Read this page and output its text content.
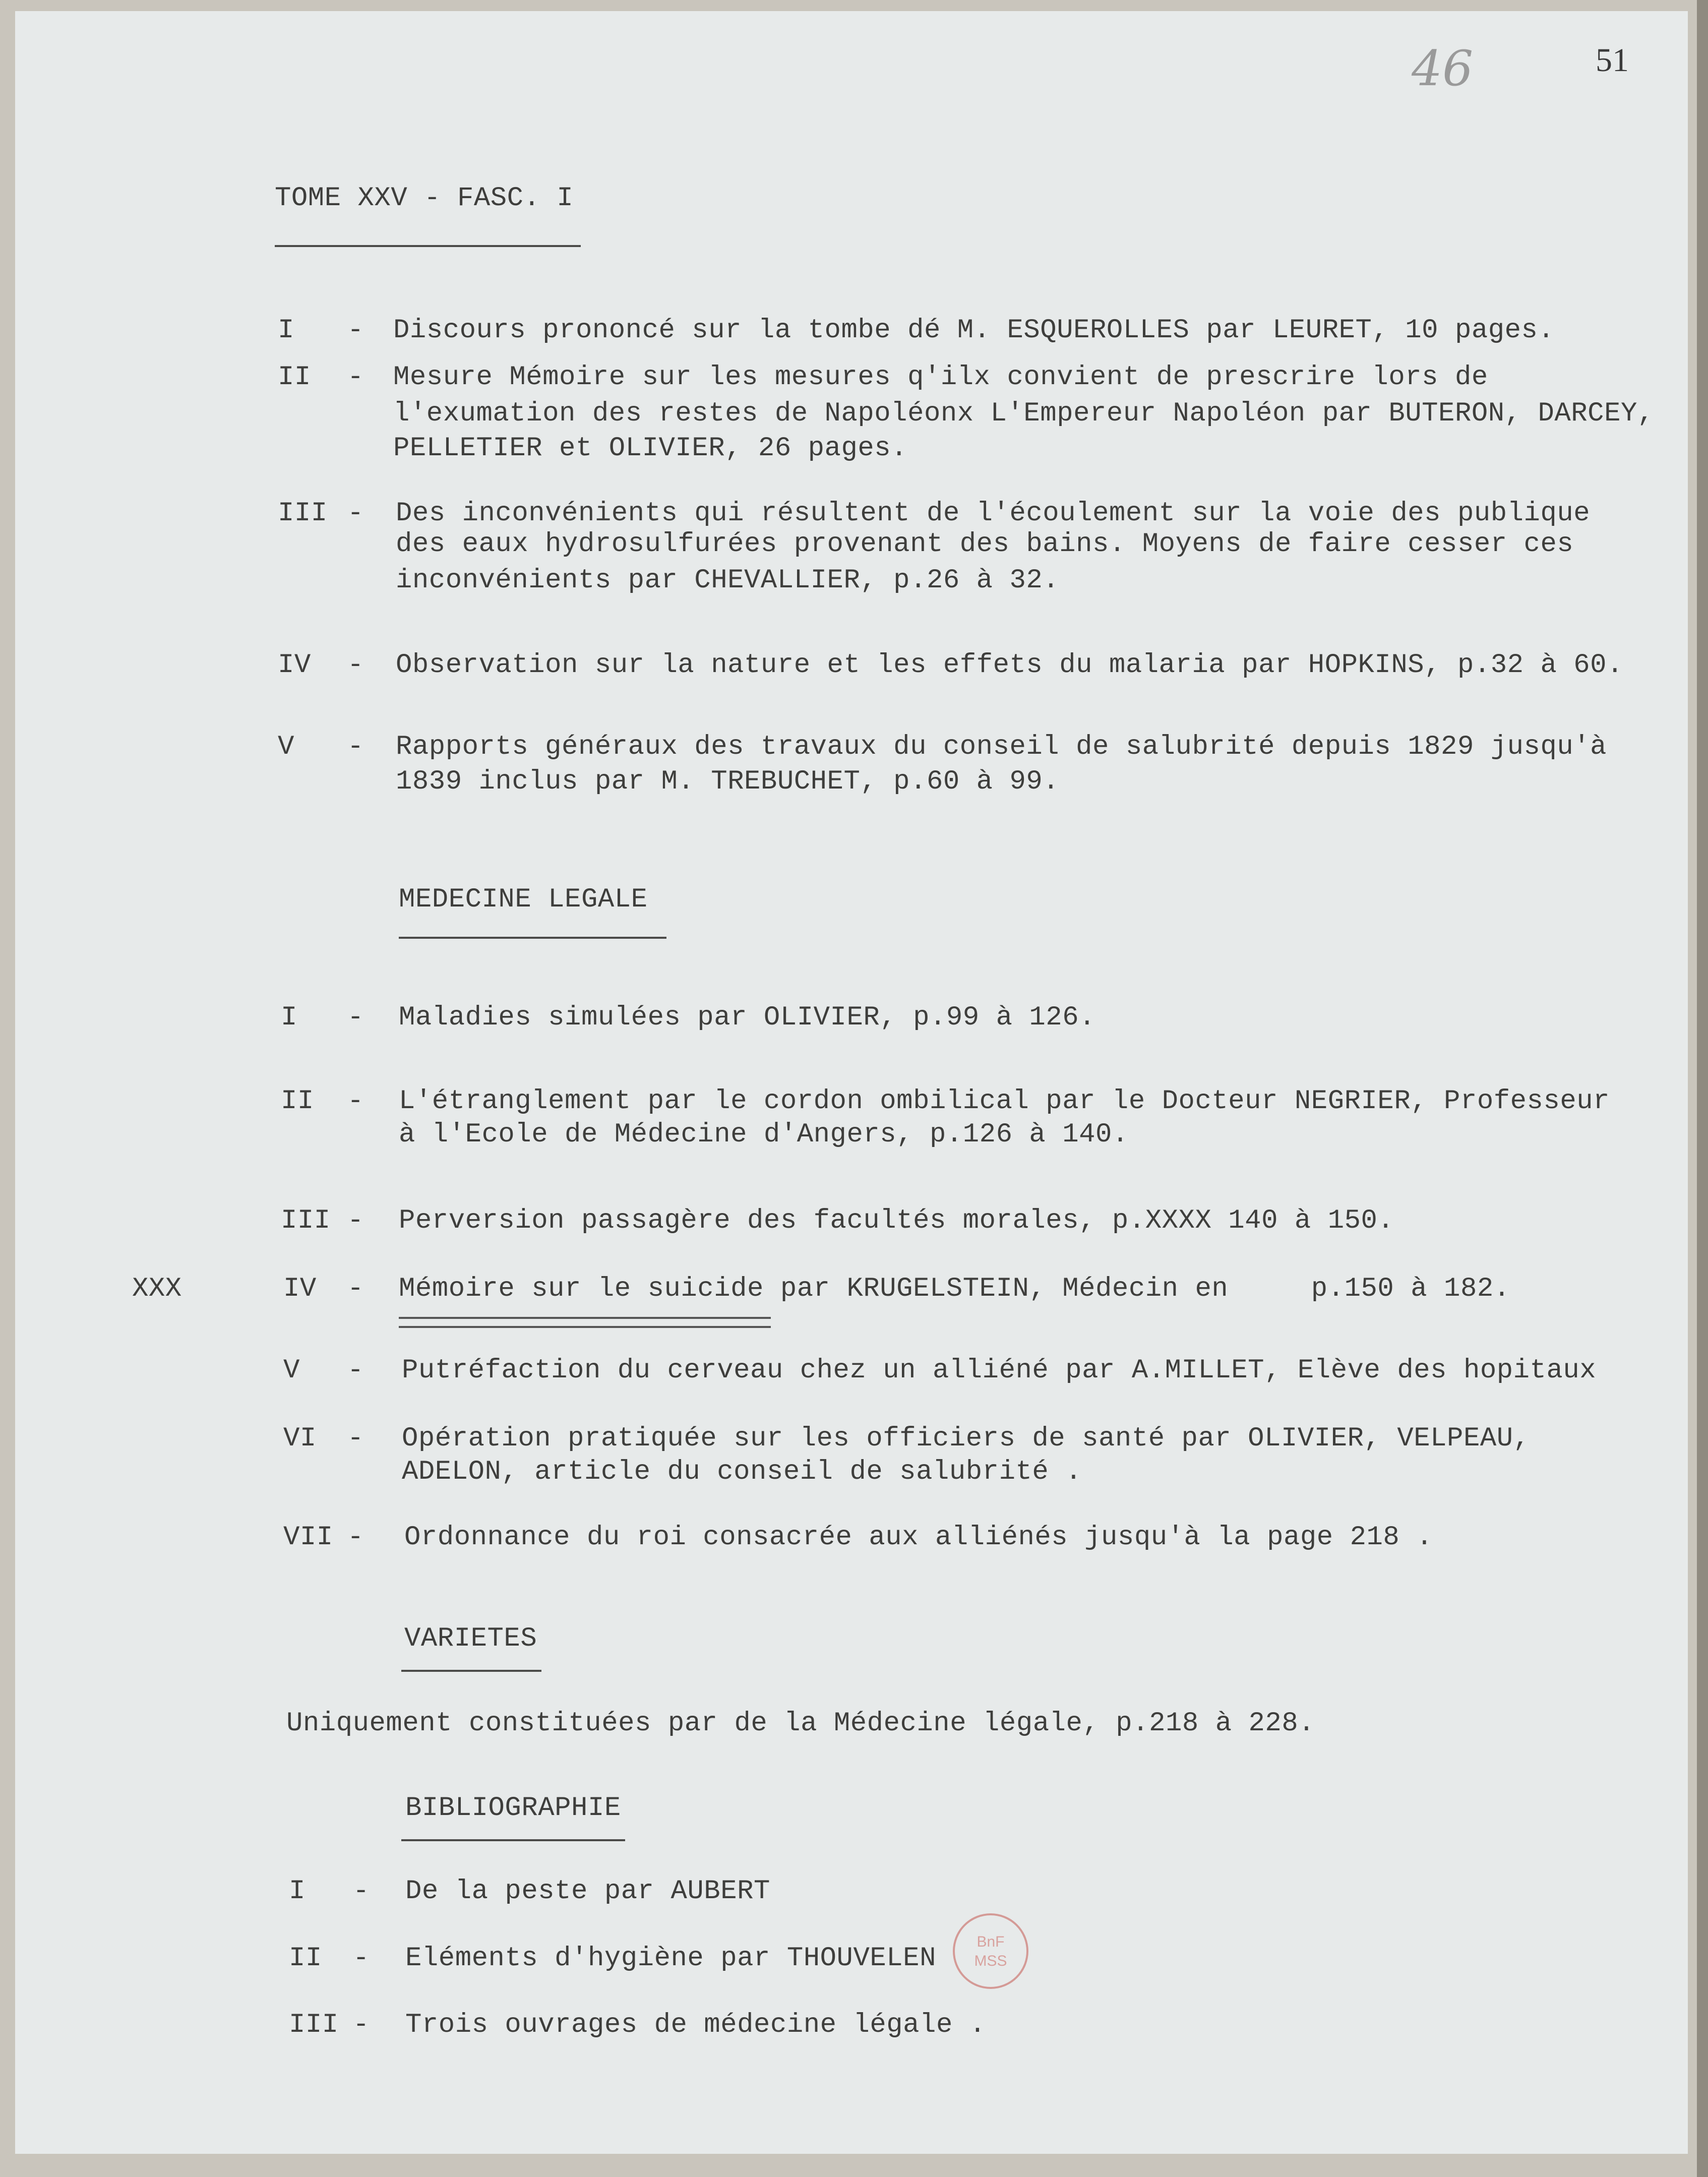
46	51
TOME XXV - FASC. I
I - Discours prononcé sur la tombe dé M. ESQUEROLLES par LEURET, 10 pages.
II - Mesure Mémoire sur les mesures q'ilx convient de prescrire lors de
l'exumation des restes de Napoléonx L'Empereur Napoléon par BUTERON, DARCEY,
PELLETIER et OLIVIER, 26 pages.
III - Des inconvénients qui résultent de l'écoulement sur la voie des publique
des eaux hydrosulfurées provenant des bains. Moyens de faire cesser ces
inconvénients par CHEVALLIER, p.26 à 32.
IV - Observation sur la nature et les effets du malaria par HOPKINS, p.32 à 60.
V - Rapports généraux des travaux du conseil de salubrité depuis 1829 jusqu'à
1839 inclus par M. TREBUCHET, p.60 à 99.
MEDECINE LEGALE
I - Maladies simulées par OLIVIER, p.99 à 126.
II - L'étranglement par le cordon ombilical par le Docteur NEGRIER, Professeur
à l'Ecole de Médecine d'Angers, p.126 à 140.
III - Perversion passagère des facultés morales, p.XXXX 140 à 150.
XXX	IV - Mémoire sur le suicide par KRUGELSTEIN, Médecin en     p.150 à 182.
V - Putréfaction du cerveau chez un alliéné par A.MILLET, Elève des hopitaux
VI - Opération pratiquée sur les officiers de santé par OLIVIER, VELPEAU,
ADELON, article du conseil de salubrité .
VII - Ordonnance du roi consacrée aux alliénés jusqu'à la page 218 .
VARIETES
Uniquement constituées par de la Médecine légale, p.218 à 228.
BIBLIOGRAPHIE
I - De la peste par AUBERT
II - Eléments d'hygiène par THOUVELEN
III - Trois ouvrages de médecine légale .
BnF
MSS
